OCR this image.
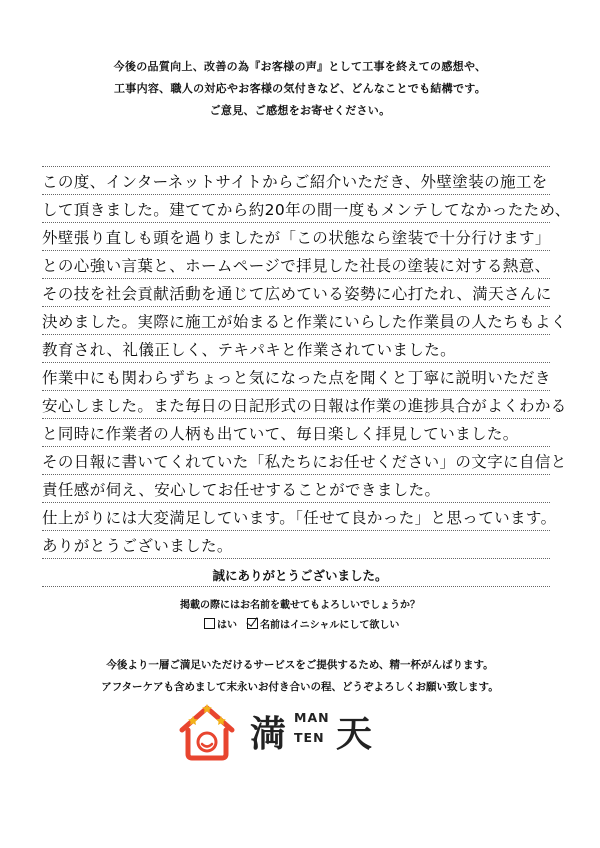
今後の品質向上、改善の為『お客様の声』として工事を終えての感想や、
工事内容、職人の対応やお客様の気付きなど、どんなことでも結構です。
ご意見、ご感想をお寄せください。
この度、インターネットサイトからご紹介いただき、外壁塗装の施工を
して頂きました。建ててから約20年の間一度もメンテしてなかったため、
外壁張り直しも頭を過りましたが「この状態なら塗装で十分行けます」
との心強い言葉と、ホームページで拝見した社長の塗装に対する熱意、
その技を社会貢献活動を通じて広めている姿勢に心打たれ、満天さんに
決めました。実際に施工が始まると作業にいらした作業員の人たちもよく
教育され、礼儀正しく、テキパキと作業されていました。
作業中にも関わらずちょっと気になった点を聞くと丁寧に説明いただき
安心しました。また毎日の日記形式の日報は作業の進捗具合がよくわかる
と同時に作業者の人柄も出ていて、毎日楽しく拝見していました。
その日報に書いてくれていた「私たちにお任せください」の文字に自信と
責任感が伺え、安心してお任せすることができました。
仕上がりには大変満足しています。「任せて良かった」と思っています。
ありがとうございました。
誠にありがとうございました。
掲載の際にはお名前を載せてもよろしいでしょうか？
はい 名前はイニシャルにして欲しい
今後より一層ご満足いただけるサービスをご提供するため、精一杯がんばります。
アフターケアも含めまして末永いお付き合いの程、どうぞよろしくお願い致します。
満 MAN
TEN 天
